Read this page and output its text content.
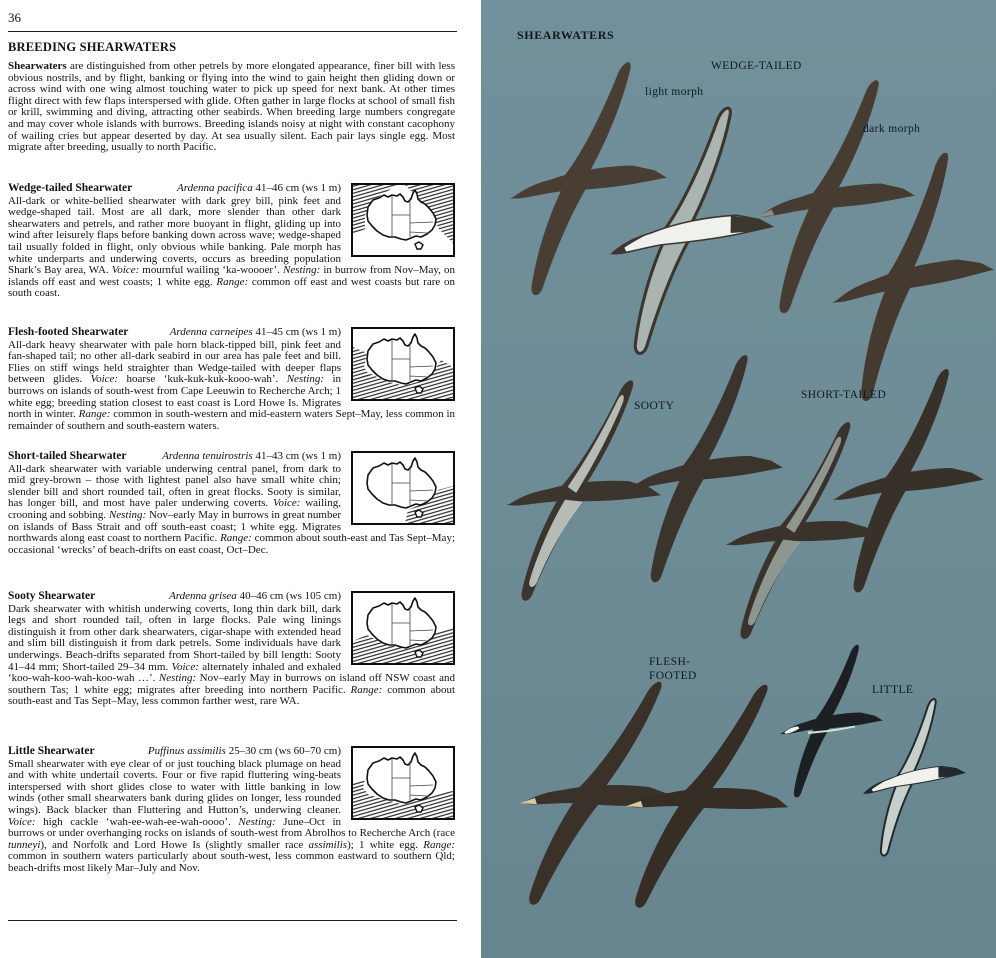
36
BREEDING SHEARWATERS
Shearwaters are distinguished from other petrels by more elongated appearance, finer bill with less obvious nostrils, and by flight, banking or flying into the wind to gain height then gliding down or across wind with one wing almost touching water to pick up speed for next bank. At other times flight direct with few flaps interspersed with glide. Often gather in large flocks at school of small fish or krill, swimming and diving, attracting other seabirds. When breeding large numbers congregate and may cover whole islands with burrows. Breeding islands noisy at night with constant cacophony of wailing cries but appear deserted by day. At sea usually silent. Each pair lays single egg. Most migrate after breeding, usually to north Pacific.

Ardenna pacifica 41–46 cm (ws 1 m)
Wedge-tailed Shearwater

All-dark or white-bellied shearwater with dark grey bill, pink feet and wedge-shaped tail. Most are all dark, more slender than other dark shearwaters and petrels, and rather more buoyant in flight, gliding up into wind after leisurely flaps before banking down across wave; wedge-shaped tail usually folded in flight, only obvious while banking. Pale morph has white underparts and underwing coverts, occurs as breeding population Shark’s Bay area, WA. Voice: mournful wailing ‘ka-woooer’. Nesting: in burrow from Nov–May, on islands off east and west coasts; 1 white egg. Range: common off east and west coasts but rare on south coast.

Ardenna carneipes 41–45 cm (ws 1 m)
Flesh-footed Shearwater

All-dark heavy shearwater with pale horn black-tipped bill, pink feet and fan-shaped tail; no other all-dark seabird in our area has pale feet and bill. Flies on stiff wings held straighter than Wedge-tailed with deeper flaps between glides. Voice: hoarse ‘kuk-kuk-kuk-kooo-wah’. Nesting: in burrows on islands of south-west from Cape Leeuwin to Recherche Arch; 1 white egg; breeding station closest to east coast is Lord Howe Is. Migrates north in winter. Range: common in south-western and mid-eastern waters Sept–May, less common in remainder of southern and south-eastern waters.

Ardenna tenuirostris 41–43 cm (ws 1 m)
Short-tailed Shearwater

All-dark shearwater with variable underwing central panel, from dark to mid grey-brown – those with lightest panel also have small white chin; slender bill and short rounded tail, often in great flocks. Sooty is similar, has longer bill, and most have paler underwing coverts. Voice: wailing, crooning and sobbing. Nesting: Nov–early May in burrows in great number on islands of Bass Strait and off south-east coast; 1 white egg. Migrates northwards along east coast to northern Pacific. Range: common about south-east and Tas Sept–May; occasional ‘wrecks’ of beach-drifts on east coast, Oct–Dec.

Ardenna grisea 40–46 cm (ws 105 cm)
Sooty Shearwater

Dark shearwater with whitish underwing coverts, long thin dark bill, dark legs and short rounded tail, often in large flocks. Pale wing linings distinguish it from other dark shearwaters, cigar-shape with extended head and slim bill distinguish it from dark petrels. Some individuals have dark underwings. Beach-drifts separated from Short-tailed by bill length: Sooty 41–44 mm; Short-tailed 29–34 mm. Voice: alternately inhaled and exhaled ‘koo-wah-koo-wah-koo-wah …’. Nesting: Nov–early May in burrows on island off NSW coast and southern Tas; 1 white egg; migrates after breeding into northern Pacific. Range: common about south-east and Tas Sept–May, less common farther west, rare WA.

Puffinus assimilis 25–30 cm (ws 60–70 cm)
Little Shearwater

Small shearwater with eye clear of or just touching black plumage on head and with white undertail coverts. Four or five rapid fluttering wing-beats interspersed with short glides close to water with little banking in low winds (other small shearwaters bank during glides on longer, less rounded wings). Back blacker than Fluttering and Hutton’s, underwing cleaner. Voice: high cackle ‘wah-ee-wah-ee-wah-oooo’. Nesting: June–Oct in burrows or under overhanging rocks on islands of south-west from Abrolhos to Recherche Arch (race tunneyi), and Norfolk and Lord Howe Is (slightly smaller race assimilis); 1 white egg. Range: common in southern waters particularly about south-west, less common eastward to southern Qld; beach-drifts most likely Mar–July and Nov.

SHEARWATERS
WEDGE-TAILED
light morph
dark morph
SOOTY
SHORT-TAILED
FLESH-
FOOTED
LITTLE
